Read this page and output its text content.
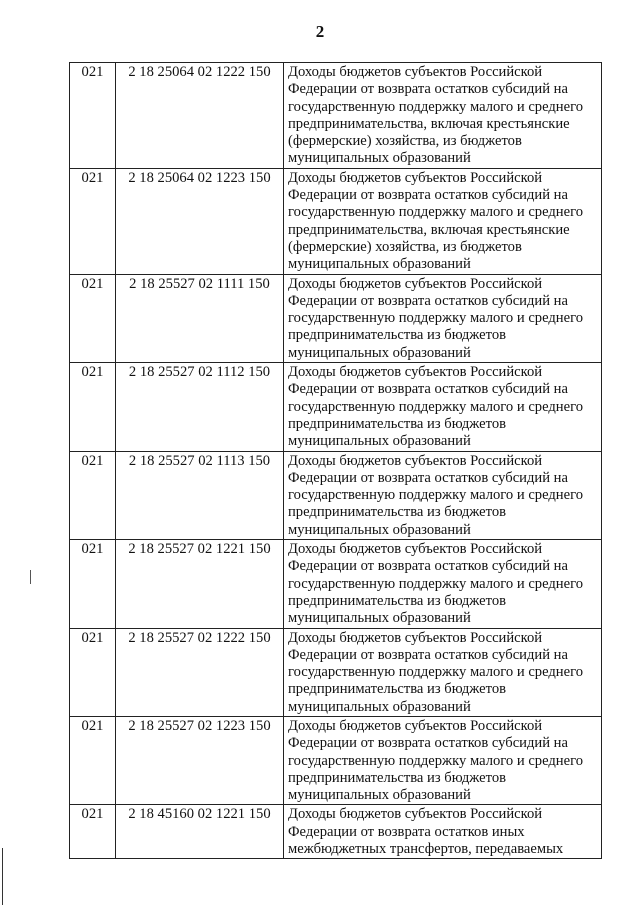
2
021	2 18 25064 02 1222 150	Доходы бюджетов субъектов Российской Федерации от возврата остатков субсидий на государственную поддержку малого и среднего предпринимательства, включая крестьянские (фермерские) хозяйства, из бюджетов муниципальных образований
021	2 18 25064 02 1223 150	Доходы бюджетов субъектов Российской Федерации от возврата остатков субсидий на государственную поддержку малого и среднего предпринимательства, включая крестьянские (фермерские) хозяйства, из бюджетов муниципальных образований
021	2 18 25527 02 1111 150	Доходы бюджетов субъектов Российской Федерации от возврата остатков субсидий на государственную поддержку малого и среднего предпринимательства из бюджетов муниципальных образований
021	2 18 25527 02 1112 150	Доходы бюджетов субъектов Российской Федерации от возврата остатков субсидий на государственную поддержку малого и среднего предпринимательства из бюджетов муниципальных образований
021	2 18 25527 02 1113 150	Доходы бюджетов субъектов Российской Федерации от возврата остатков субсидий на государственную поддержку малого и среднего предпринимательства из бюджетов муниципальных образований
021	2 18 25527 02 1221 150	Доходы бюджетов субъектов Российской Федерации от возврата остатков субсидий на государственную поддержку малого и среднего предпринимательства из бюджетов муниципальных образований
021	2 18 25527 02 1222 150	Доходы бюджетов субъектов Российской Федерации от возврата остатков субсидий на государственную поддержку малого и среднего предпринимательства из бюджетов муниципальных образований
021	2 18 25527 02 1223 150	Доходы бюджетов субъектов Российской Федерации от возврата остатков субсидий на государственную поддержку малого и среднего предпринимательства из бюджетов муниципальных образований
021	2 18 45160 02 1221 150	Доходы бюджетов субъектов Российской Федерации от возврата остатков иных межбюджетных трансфертов, передаваемых
